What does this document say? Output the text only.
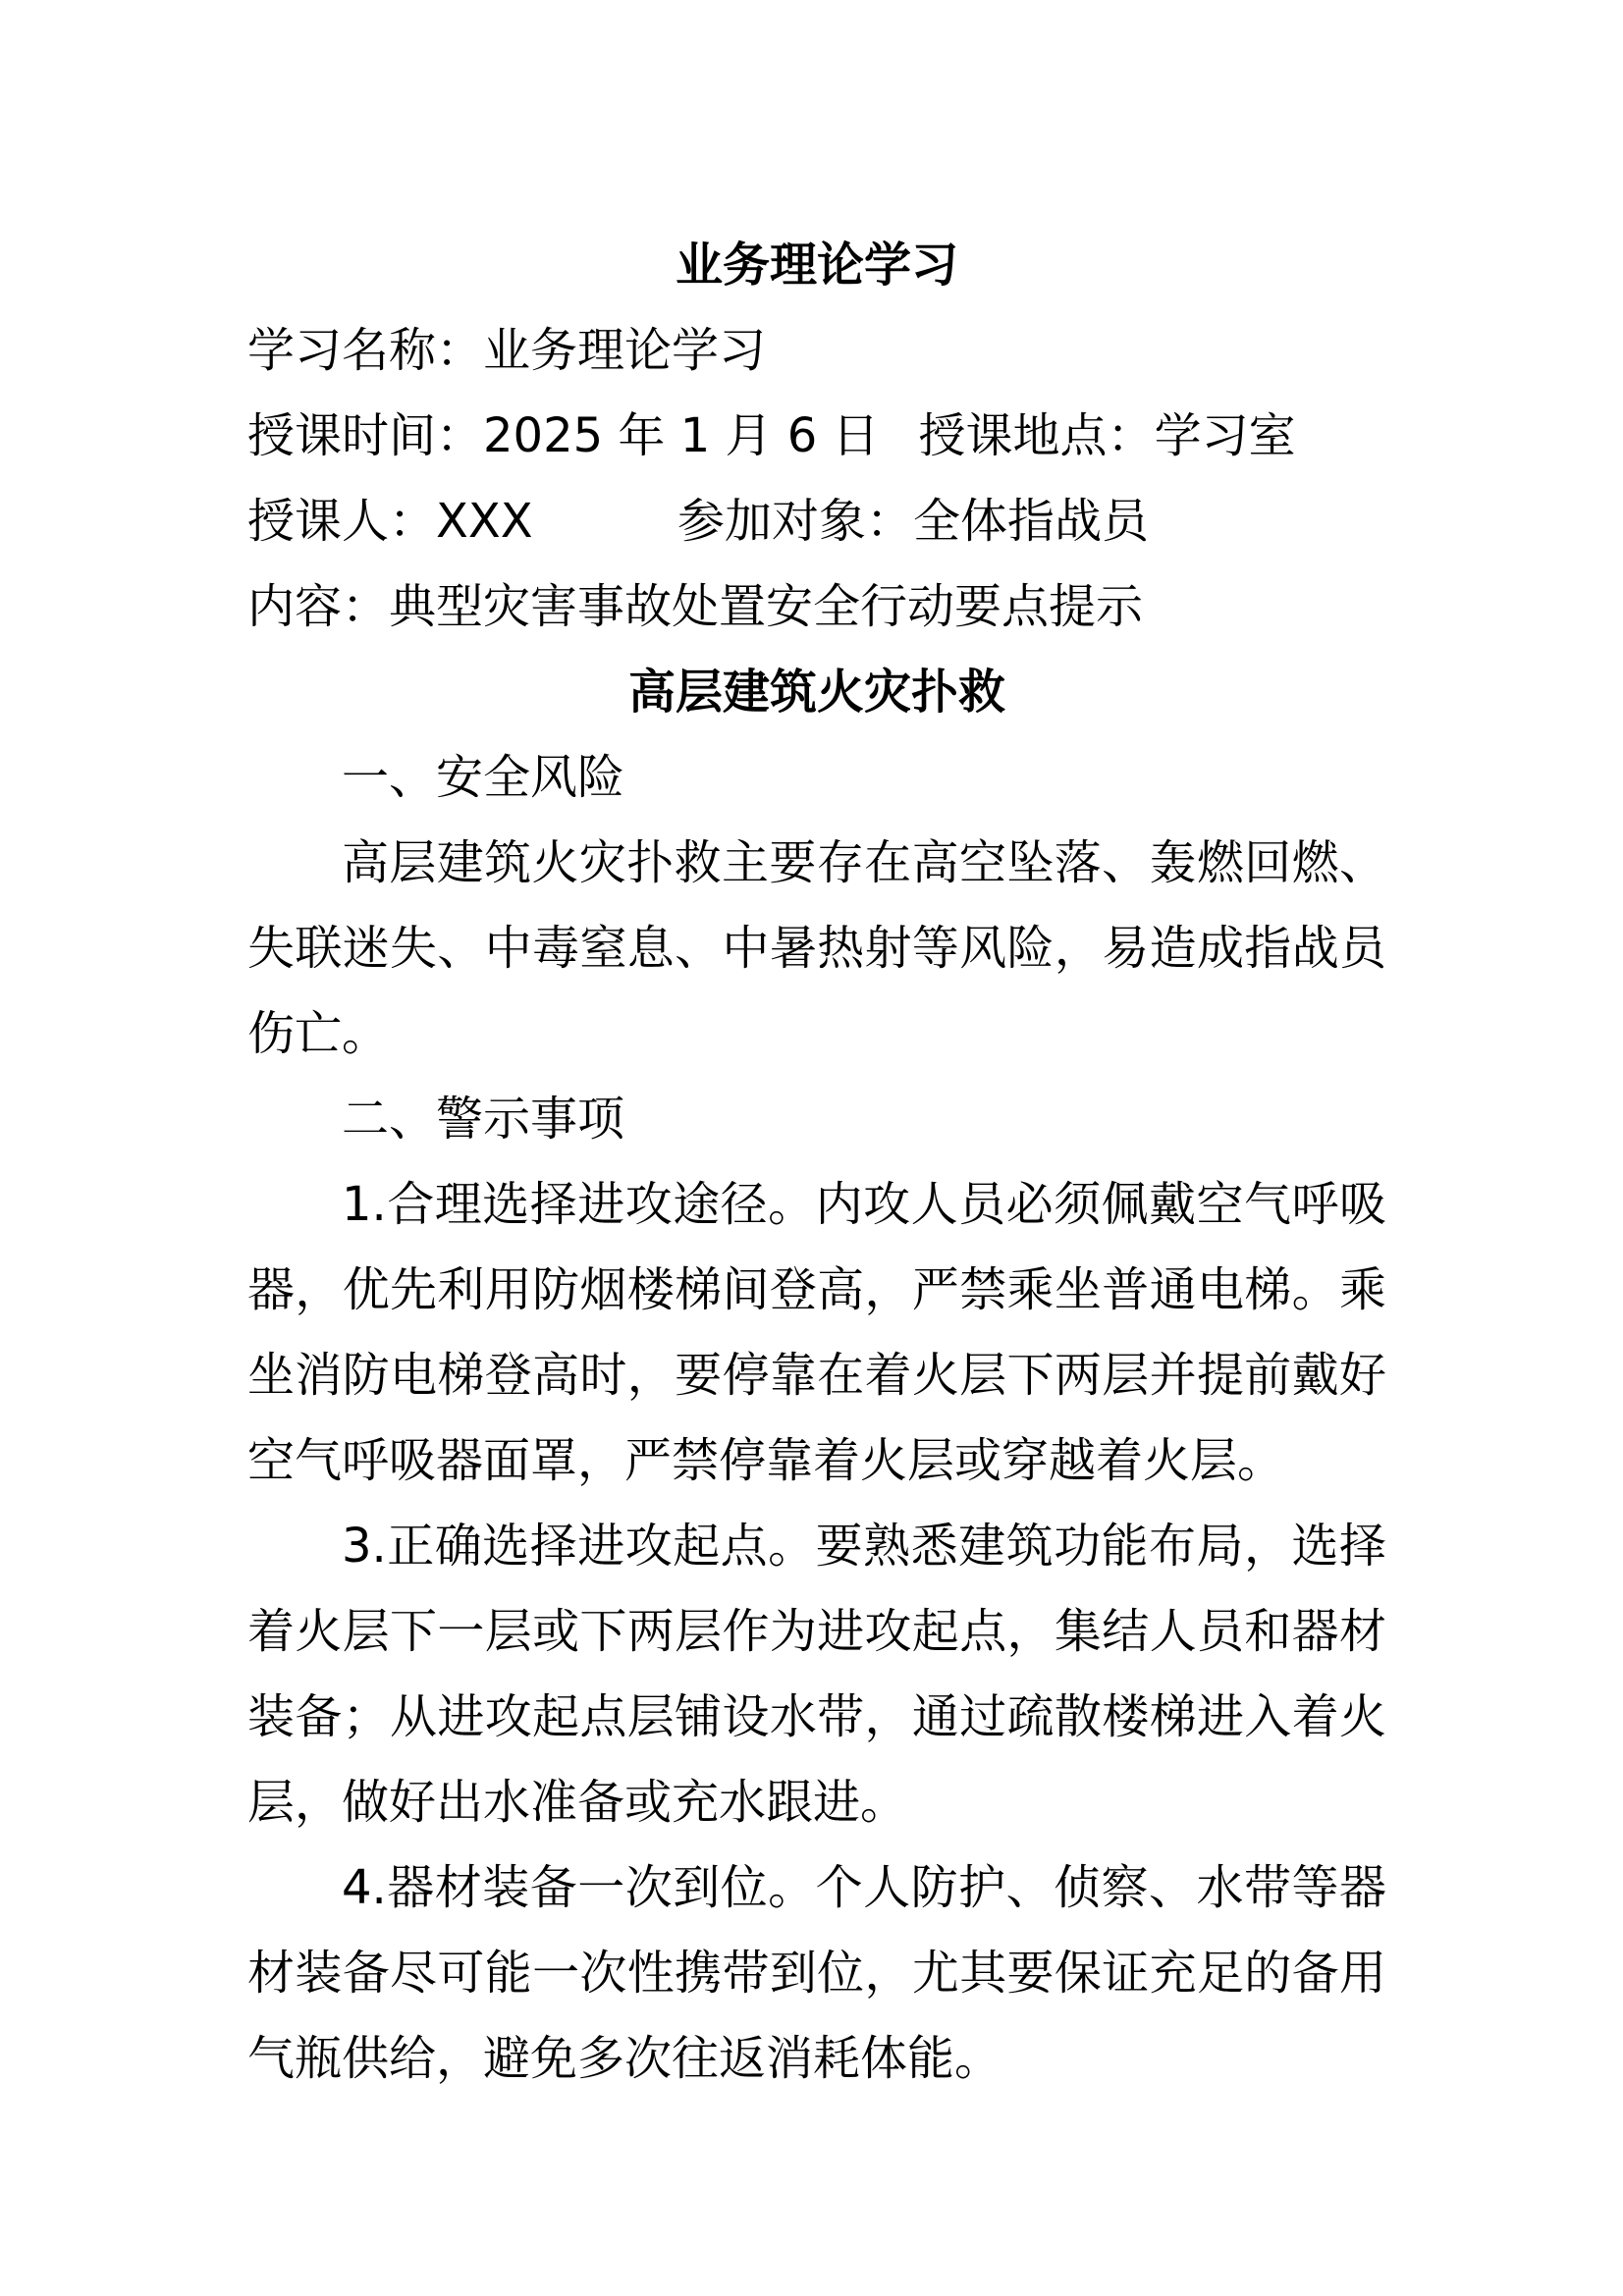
业务理论学习

学习名称：业务理论学习

授课时间：2025 年 1 月 6 日 授课地点：学习室

授课人：XXX	参加对象：全体指战员

内容：典型灾害事故处置安全行动要点提示

高层建筑火灾扑救

一、安全风险

高层建筑火灾扑救主要存在高空坠落、轰燃回燃、失联迷失、中毒窒息、中暑热射等风险，易造成指战员伤亡。

二、警示事项

1.合理选择进攻途径。内攻人员必须佩戴空气呼吸器，优先利用防烟楼梯间登高，严禁乘坐普通电梯。乘坐消防电梯登高时，要停靠在着火层下两层并提前戴好空气呼吸器面罩，严禁停靠着火层或穿越着火层。

3.正确选择进攻起点。要熟悉建筑功能布局，选择着火层下一层或下两层作为进攻起点，集结人员和器材装备；从进攻起点层铺设水带，通过疏散楼梯进入着火层，做好出水准备或充水跟进。

4.器材装备一次到位。个人防护、侦察、水带等器材装备尽可能一次性携带到位，尤其要保证充足的备用气瓶供给，避免多次往返消耗体能。
